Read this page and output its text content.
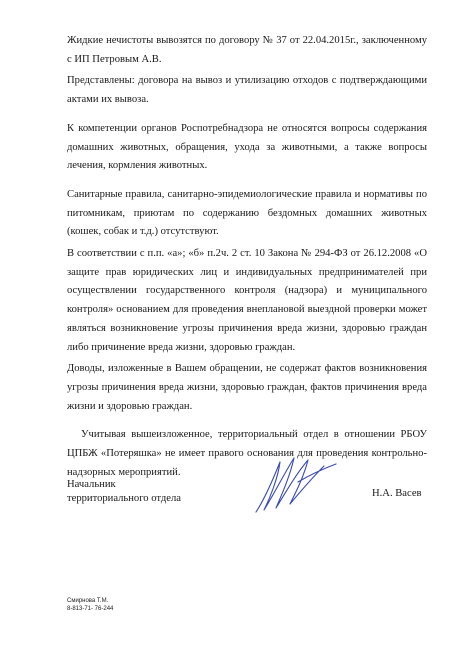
Жидкие нечистоты вывозятся по договору № 37 от 22.04.2015г., заключенному с ИП Петровым А.В.

Представлены: договора на вывоз и утилизацию отходов с подтверждающими актами их вывоза.

К компетенции органов Роспотребнадзора не относятся вопросы содержания домашних животных, обращения, ухода за животными, а также вопросы лечения, кормления животных.

Санитарные правила, санитарно-эпидемиологические правила и нормативы по питомникам, приютам по содержанию бездомных домашних животных (кошек, собак и т.д.) отсутствуют.

В соответствии с п.п. «а»; «б» п.2ч. 2 ст. 10 Закона № 294-ФЗ от 26.12.2008 «О защите прав юридических лиц и индивидуальных предпринимателей при осуществлении государственного контроля (надзора) и муниципального контроля» основанием для проведения внеплановой выездной проверки может являться возникновение угрозы причинения вреда жизни, здоровью граждан либо причинение вреда жизни, здоровью граждан.

Доводы, изложенные в Вашем обращении, не содержат фактов возникновения угрозы причинения вреда жизни, здоровью граждан, фактов причинения вреда жизни и здоровью граждан.

Учитывая вышеизложенное, территориальный отдел в отношении РБОУ ЦПБЖ «Потеряшка» не имеет правого основания для проведения контрольно-надзорных мероприятий.

Начальник
территориального отдела	Н.А. Васев
Смирнова Т.М.
8-813-71- 76-244
